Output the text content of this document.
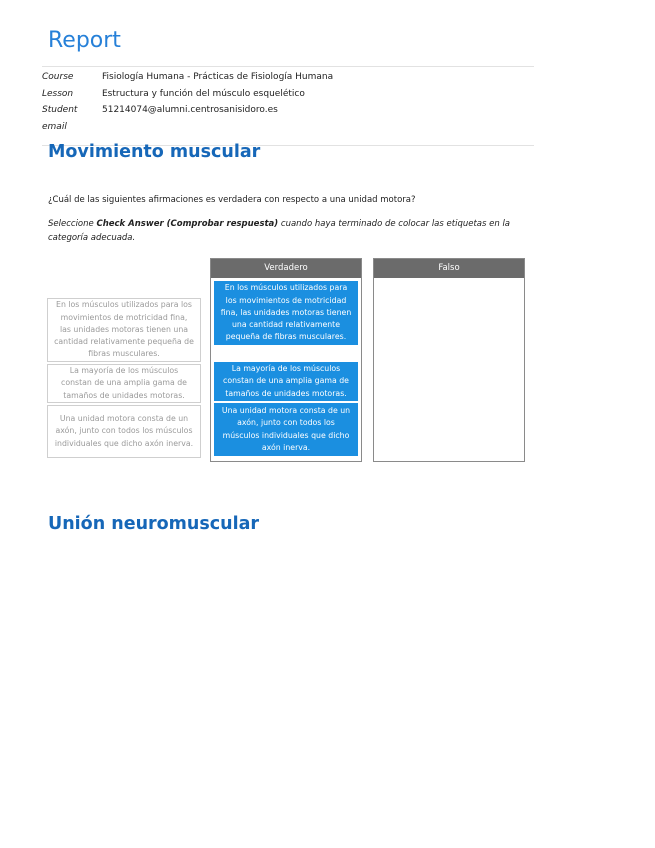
Report
Course	Fisiología Humana - Prácticas de Fisiología Humana
Lesson	Estructura y función del músculo esquelético
Student email
51214074@alumni.centrosanisidoro.es
Movimiento muscular

¿Cuál de las siguientes afirmaciones es verdadera con respecto a una unidad motora?

Seleccione Check Answer (Comprobar respuesta) cuando haya terminado de colocar las etiquetas en la categoría adecuada.

En los músculos utilizados para los movimientos de motricidad fina, las unidades motoras tienen una cantidad relativamente pequeña de fibras musculares.
La mayoría de los músculos constan de una amplia gama de tamaños de unidades motoras.
Una unidad motora consta de un axón, junto con todos los músculos individuales que dicho axón inerva.
Verdadero
En los músculos utilizados para los movimientos de motricidad fina, las unidades motoras tienen una cantidad relativamente pequeña de fibras musculares.
La mayoría de los músculos constan de una amplia gama de tamaños de unidades motoras.
Una unidad motora consta de un axón, junto con todos los músculos individuales que dicho axón inerva.
Falso
Unión neuromuscular
